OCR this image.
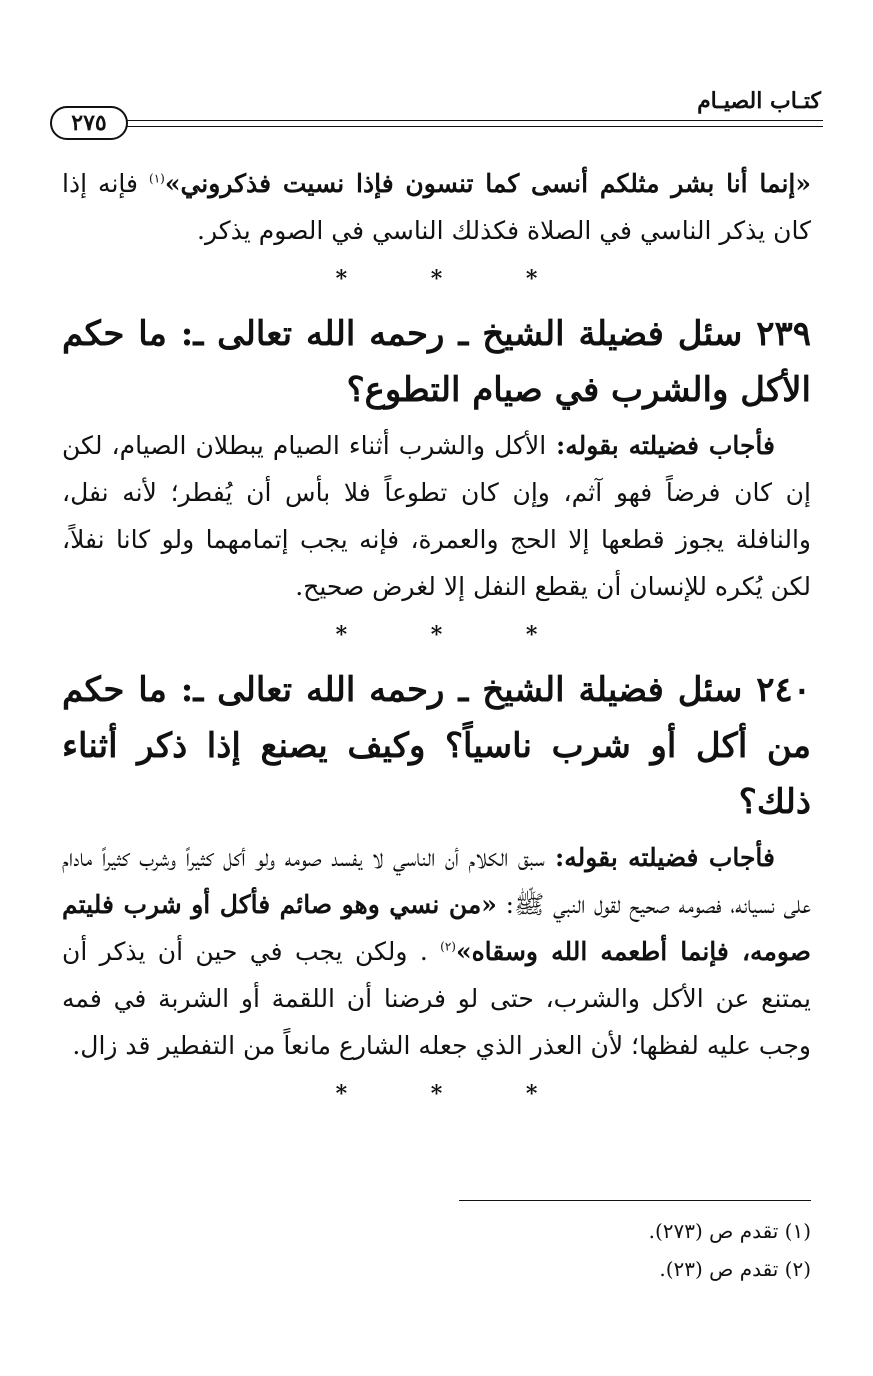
كتـاب الصيـام
٢٧٥

«إنما أنا بشر مثلكم أنسى كما تنسون فإذا نسيت فذكروني»$^{(١)}$ فإنه إذا كان يذكر الناسي في الصلاة فكذلك الناسي في الصوم يذكر.

* * *

٢٣٩ سئل فضيلة الشيخ ـ رحمه الله تعالى ـ: ما حكم الأكل والشرب في صيام التطوع؟

فأجاب فضيلته بقوله: الأكل والشرب أثناء الصيام يبطلان الصيام، لكن إن كان فرضاً فهو آثم، وإن كان تطوعاً فلا بأس أن يُفطر؛ لأنه نفل، والنافلة يجوز قطعها إلا الحج والعمرة، فإنه يجب إتمامهما ولو كانا نفلاً، لكن يُكره للإنسان أن يقطع النفل إلا لغرض صحيح.

* * *

٢٤٠ سئل فضيلة الشيخ ـ رحمه الله تعالى ـ: ما حكم من أكل أو شرب ناسياً؟ وكيف يصنع إذا ذكر أثناء ذلك؟

فأجاب فضيلته بقوله: سبق الكلام أن الناسي لا يفسد صومه ولو أكل كثيراً وشرب كثيراً مادام على نسيانه، فصومه صحيح لقول النبي ﷺ: «من نسي وهو صائم فأكل أو شرب فليتم صومه، فإنما أطعمه الله وسقاه»$^{(٢)}$ . ولكن يجب في حين أن يذكر أن يمتنع عن الأكل والشرب، حتى لو فرضنا أن اللقمة أو الشربة في فمه وجب عليه لفظها؛ لأن العذر الذي جعله الشارع مانعاً من التفطير قد زال.

* * *
(١) تقدم ص (٢٧٣).
(٢) تقدم ص (٢٣).
